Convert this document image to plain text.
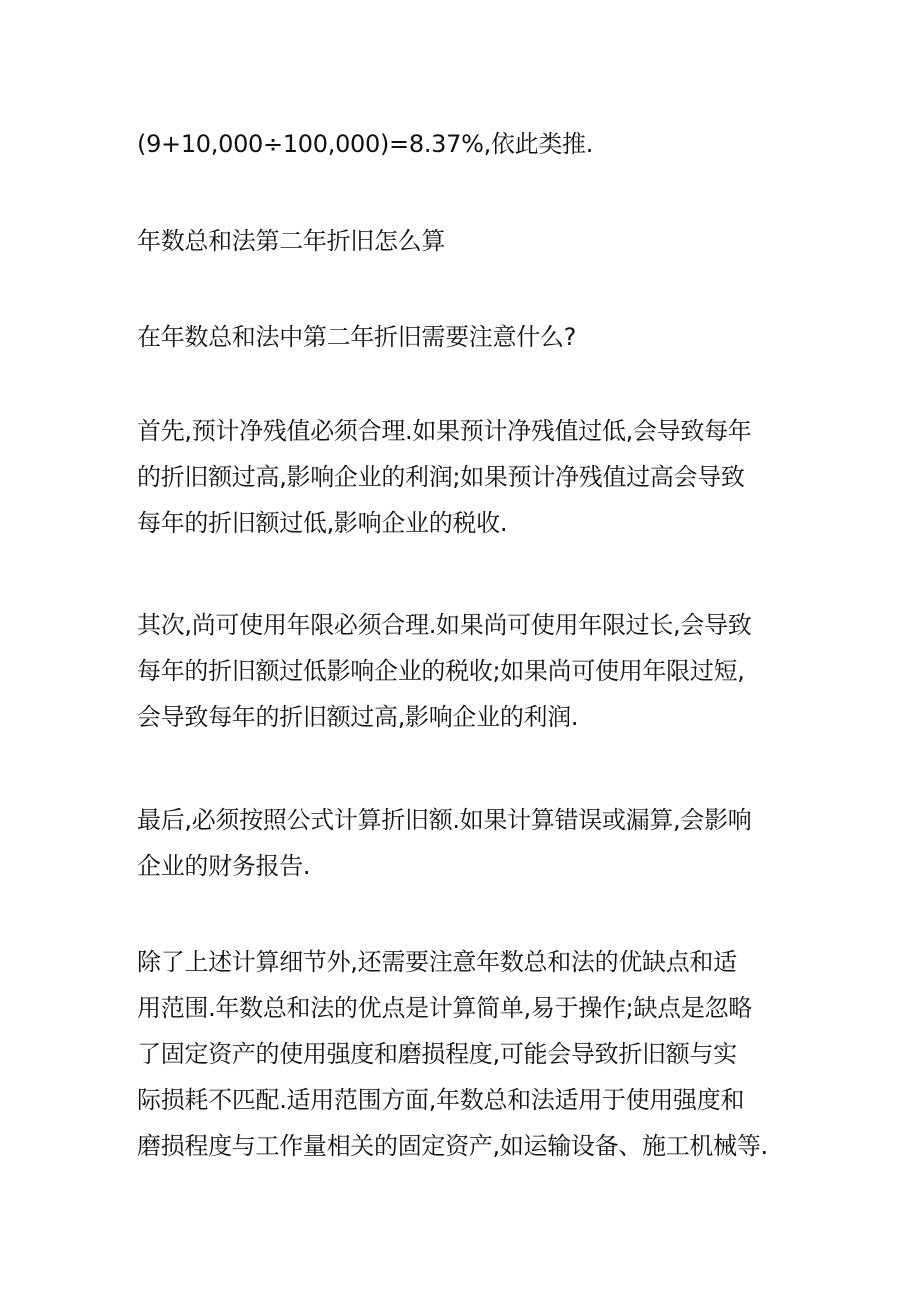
(9+10,000÷100,000)=8.37%,依此类推.

年数总和法第二年折旧怎么算

在年数总和法中第二年折旧需要注意什么?

首先,预计净残值必须合理.如果预计净残值过低,会导致每年
的折旧额过高,影响企业的利润;如果预计净残值过高会导致
每年的折旧额过低,影响企业的税收.

其次,尚可使用年限必须合理.如果尚可使用年限过长,会导致
每年的折旧额过低影响企业的税收;如果尚可使用年限过短,
会导致每年的折旧额过高,影响企业的利润.

最后,必须按照公式计算折旧额.如果计算错误或漏算,会影响
企业的财务报告.

除了上述计算细节外,还需要注意年数总和法的优缺点和适
用范围.年数总和法的优点是计算简单,易于操作;缺点是忽略
了固定资产的使用强度和磨损程度,可能会导致折旧额与实
际损耗不匹配.适用范围方面,年数总和法适用于使用强度和
磨损程度与工作量相关的固定资产,如运输设备、施工机械等.
